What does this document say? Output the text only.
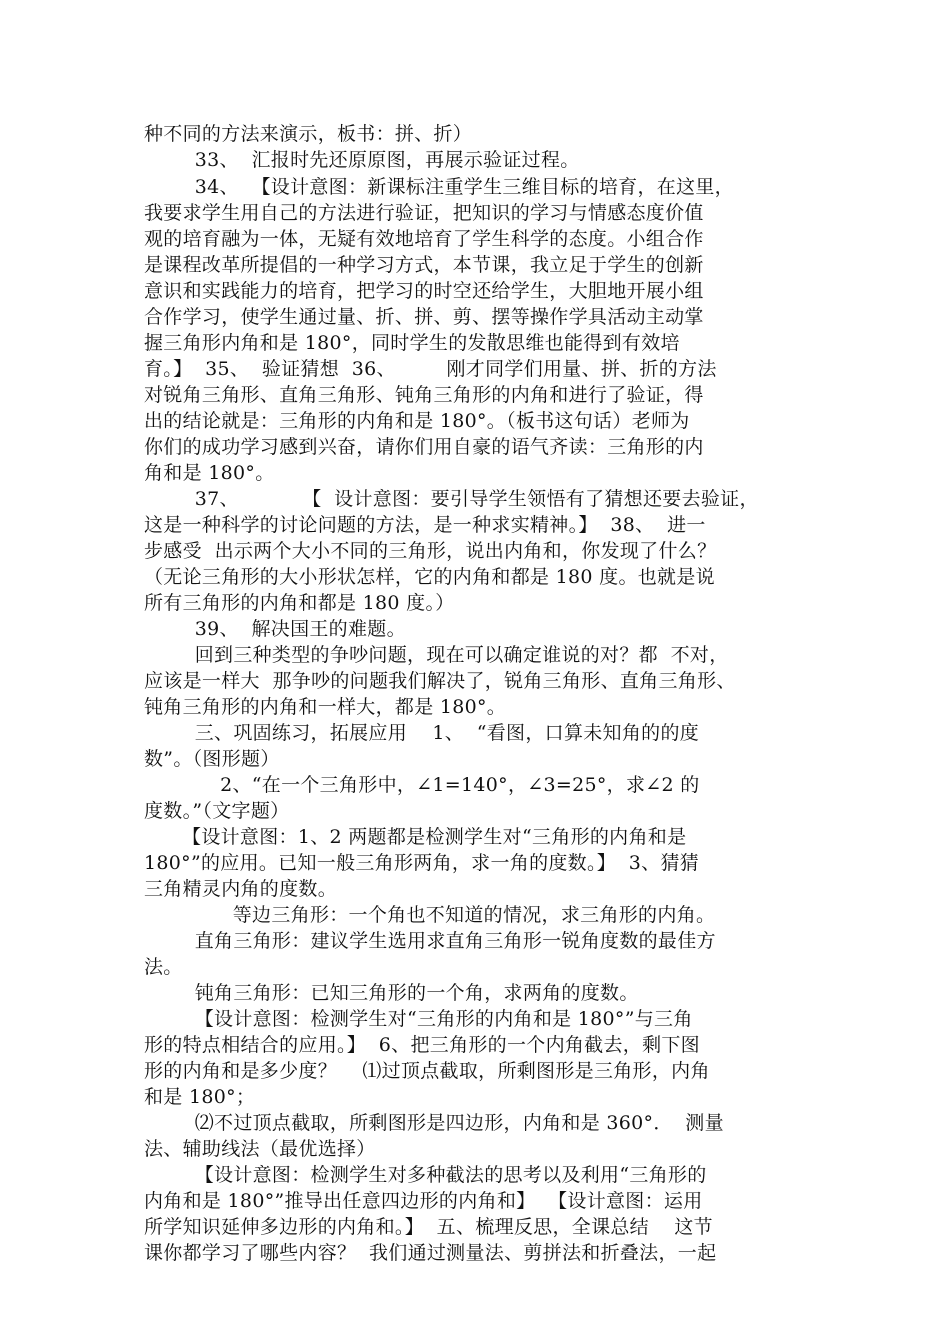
种不同的方法来演示，板书：拼、折）
33、  汇报时先还原原图，再展示验证过程。
34、  【设计意图：新课标注重学生三维目标的培育，在这里，
我要求学生用自己的方法进行验证，把知识的学习与情感态度价值
观的培育融为一体，无疑有效地培育了学生科学的态度。小组合作
是课程改革所提倡的一种学习方式，本节课，我立足于学生的创新
意识和实践能力的培育，把学习的时空还给学生，大胆地开展小组
合作学习，使学生通过量、折、拼、剪、摆等操作学具活动主动掌
握三角形内角和是 180°，同时学生的发散思维也能得到有效培
育。】  35、  验证猜想  36、        刚才同学们用量、拼、折的方法
对锐角三角形、直角三角形、钝角三角形的内角和进行了验证，得
出的结论就是：三角形的内角和是 180°。（板书这句话）老师为
你们的成功学习感到兴奋，请你们用自豪的语气齐读：三角形的内
角和是 180°。
37、          【  设计意图：要引导学生领悟有了猜想还要去验证，
这是一种科学的讨论问题的方法，是一种求实精神。】  38、  进一
步感受  出示两个大小不同的三角形，说出内角和，你发现了什么？
（无论三角形的大小形状怎样，它的内角和都是 180 度。也就是说
所有三角形的内角和都是 180 度。）
39、  解决国王的难题。
回到三种类型的争吵问题，现在可以确定谁说的对？都  不对，
应该是一样大  那争吵的问题我们解决了，锐角三角形、直角三角形、
钝角三角形的内角和一样大，都是 180°。
三、巩固练习，拓展应用    1、  “看图，口算未知角的的度
数”。（图形题）
2、“在一个三角形中，∠1=140°，∠3=25°，求∠2 的
度数。”（文字题）
【设计意图：1、2 两题都是检测学生对“三角形的内角和是
180°”的应用。已知一般三角形两角，求一角的度数。】  3、猜猜
三角精灵内角的度数。
等边三角形：一个角也不知道的情况，求三角形的内角。
直角三角形：建议学生选用求直角三角形一锐角度数的最佳方
法。
钝角三角形：已知三角形的一个角，求两角的度数。
【设计意图：检测学生对“三角形的内角和是 180°”与三角
形的特点相结合的应用。】  6、把三角形的一个内角截去，剩下图
形的内角和是多少度？    ⑴过顶点截取，所剩图形是三角形，内角
和是 180°；
⑵不过顶点截取，所剩图形是四边形，内角和是 360°．  测量
法、辅助线法（最优选择）
【设计意图：检测学生对多种截法的思考以及利用“三角形的
内角和是 180°”推导出任意四边形的内角和】  【设计意图：运用
所学知识延伸多边形的内角和。】  五、梳理反思，全课总结    这节
课你都学习了哪些内容？  我们通过测量法、剪拼法和折叠法，一起
